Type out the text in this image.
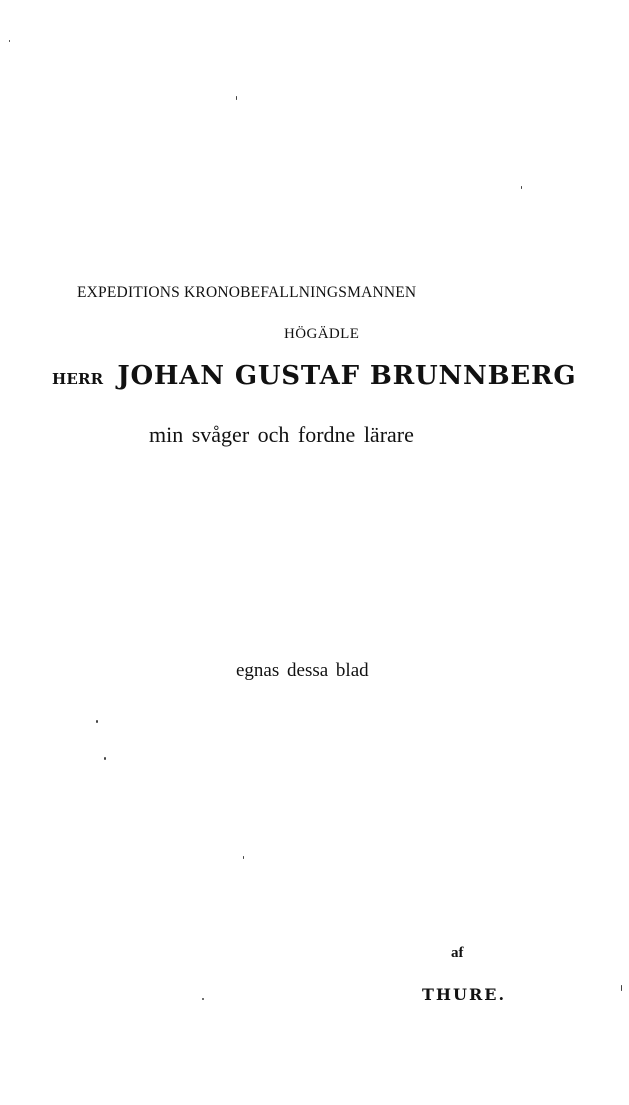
EXPEDITIONS KRONOBEFALLNINGSMANNEN
HÖGÄDLE
HERR JOHAN GUSTAF BRUNNBERG
min svåger och fordne lärare
egnas dessa blad
af
THURE.
